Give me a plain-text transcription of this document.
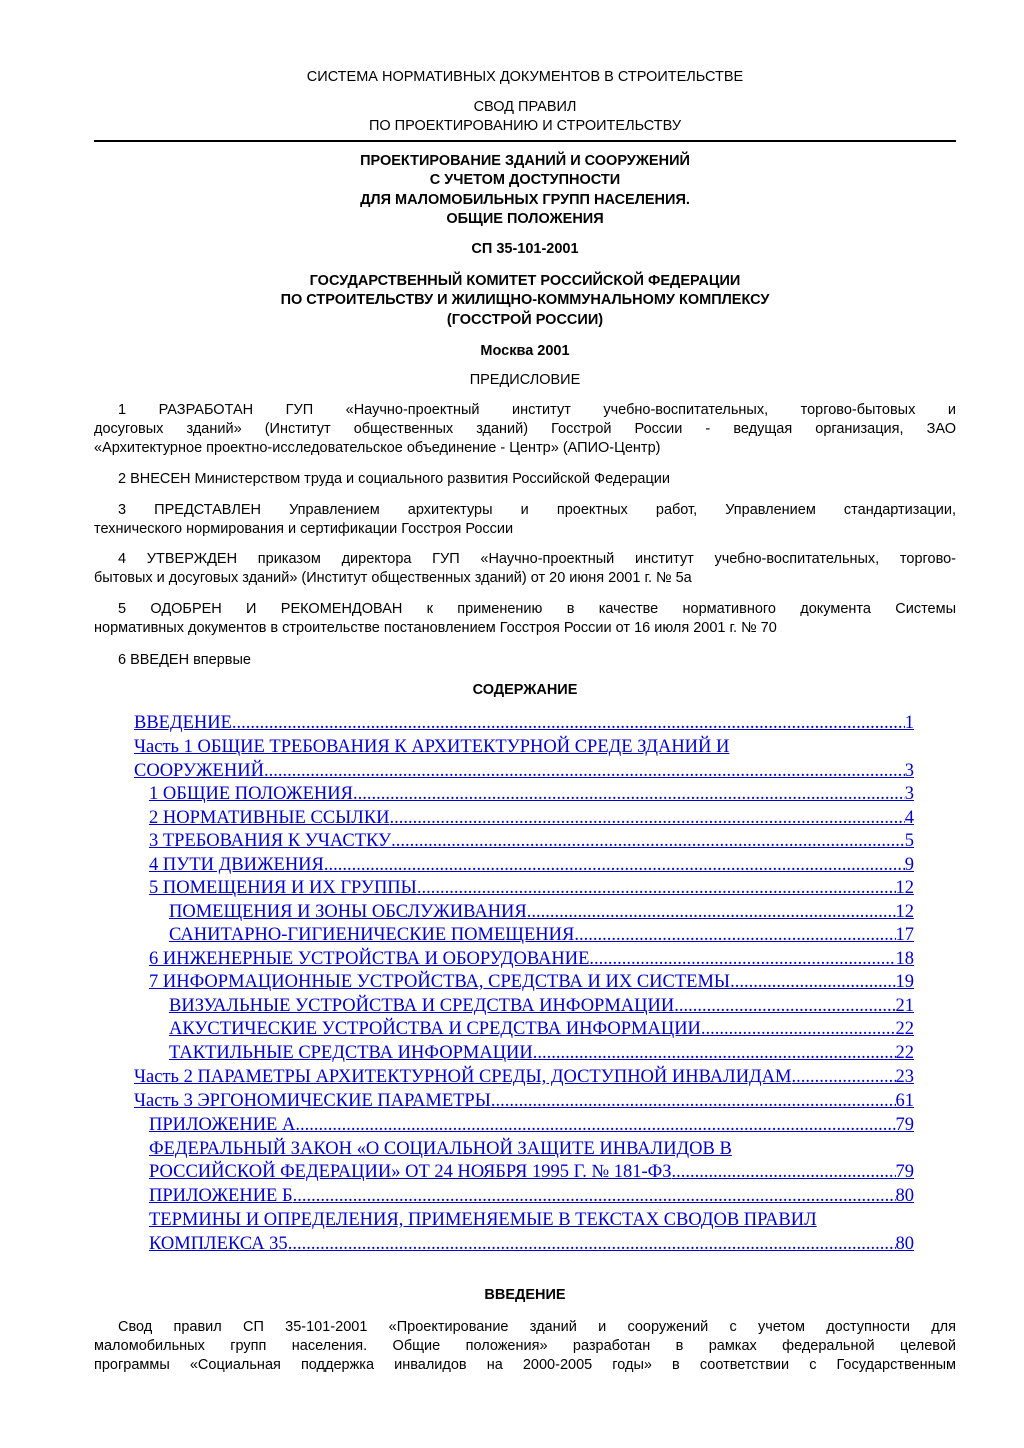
СИСТЕМА НОРМАТИВНЫХ ДОКУМЕНТОВ В СТРОИТЕЛЬСТВЕ
СВОД ПРАВИЛ
ПО ПРОЕКТИРОВАНИЮ И СТРОИТЕЛЬСТВУ
ПРОЕКТИРОВАНИЕ ЗДАНИЙ И СООРУЖЕНИЙ
С УЧЕТОМ ДОСТУПНОСТИ
ДЛЯ МАЛОМОБИЛЬНЫХ ГРУПП НАСЕЛЕНИЯ.
ОБЩИЕ ПОЛОЖЕНИЯ
СП 35-101-2001
ГОСУДАРСТВЕННЫЙ КОМИТЕТ РОССИЙСКОЙ ФЕДЕРАЦИИ
ПО СТРОИТЕЛЬСТВУ И ЖИЛИЩНО-КОММУНАЛЬНОМУ КОМПЛЕКСУ
(ГОССТРОЙ РОССИИ)
Москва 2001
ПРЕДИСЛОВИЕ
1 РАЗРАБОТАН ГУП «Научно-проектный институт учебно-воспитательных, торгово-бытовых и
досуговых зданий» (Институт общественных зданий) Госстрой России - ведущая организация, ЗАО
«Архитектурное проектно-исследовательское объединение - Центр» (АПИО-Центр)
2 ВНЕСЕН Министерством труда и социального развития Российской Федерации
3 ПРЕДСТАВЛЕН Управлением архитектуры и проектных работ, Управлением стандартизации,
технического нормирования и сертификации Госстроя России
4 УТВЕРЖДЕН приказом директора ГУП «Научно-проектный институт учебно-воспитательных, торгово-
бытовых и досуговых зданий» (Институт общественных зданий) от 20 июня 2001 г. № 5а
5 ОДОБРЕН И РЕКОМЕНДОВАН к применению в качестве нормативного документа Системы
нормативных документов в строительстве постановлением Госстроя России от 16 июля 2001 г. № 70
6 ВВЕДЕН впервые
СОДЕРЖАНИЕ
ВВЕДЕНИЕ .....	1
Часть 1 ОБЩИЕ ТРЕБОВАНИЯ К АРХИТЕКТУРНОЙ СРЕДЕ ЗДАНИЙ И
СООРУЖЕНИЙ .....	3
1 ОБЩИЕ ПОЛОЖЕНИЯ .....	3
2 НОРМАТИВНЫЕ ССЫЛКИ .....	4
3 ТРЕБОВАНИЯ К УЧАСТКУ .....	5
4 ПУТИ ДВИЖЕНИЯ .....	9
5 ПОМЕЩЕНИЯ И ИХ ГРУППЫ .....	12
ПОМЕЩЕНИЯ И ЗОНЫ ОБСЛУЖИВАНИЯ .....	12
САНИТАРНО-ГИГИЕНИЧЕСКИЕ ПОМЕЩЕНИЯ .....	17
6 ИНЖЕНЕРНЫЕ УСТРОЙСТВА И ОБОРУДОВАНИЕ .....	18
7 ИНФОРМАЦИОННЫЕ УСТРОЙСТВА, СРЕДСТВА И ИХ СИСТЕМЫ .....	19
ВИЗУАЛЬНЫЕ УСТРОЙСТВА И СРЕДСТВА ИНФОРМАЦИИ .....	21
АКУСТИЧЕСКИЕ УСТРОЙСТВА И СРЕДСТВА ИНФОРМАЦИИ .....	22
ТАКТИЛЬНЫЕ СРЕДСТВА ИНФОРМАЦИИ .....	22
Часть 2 ПАРАМЕТРЫ АРХИТЕКТУРНОЙ СРЕДЫ, ДОСТУПНОЙ ИНВАЛИДАМ .....	23
Часть 3 ЭРГОНОМИЧЕСКИЕ ПАРАМЕТРЫ .....	61
ПРИЛОЖЕНИЕ А .....	79
ФЕДЕРАЛЬНЫЙ ЗАКОН «О СОЦИАЛЬНОЙ ЗАЩИТЕ ИНВАЛИДОВ В
РОССИЙСКОЙ ФЕДЕРАЦИИ» ОТ 24 НОЯБРЯ 1995 Г. № 181-ФЗ .....	79
ПРИЛОЖЕНИЕ Б .....	80
ТЕРМИНЫ И ОПРЕДЕЛЕНИЯ, ПРИМЕНЯЕМЫЕ В ТЕКСТАХ СВОДОВ ПРАВИЛ
КОМПЛЕКСА 35 .....	80
ВВЕДЕНИЕ
Свод правил СП 35-101-2001 «Проектирование зданий и сооружений с учетом доступности для
маломобильных групп населения. Общие положения» разработан в рамках федеральной целевой
программы «Социальная поддержка инвалидов на 2000-2005 годы» в соответствии с Государственным
